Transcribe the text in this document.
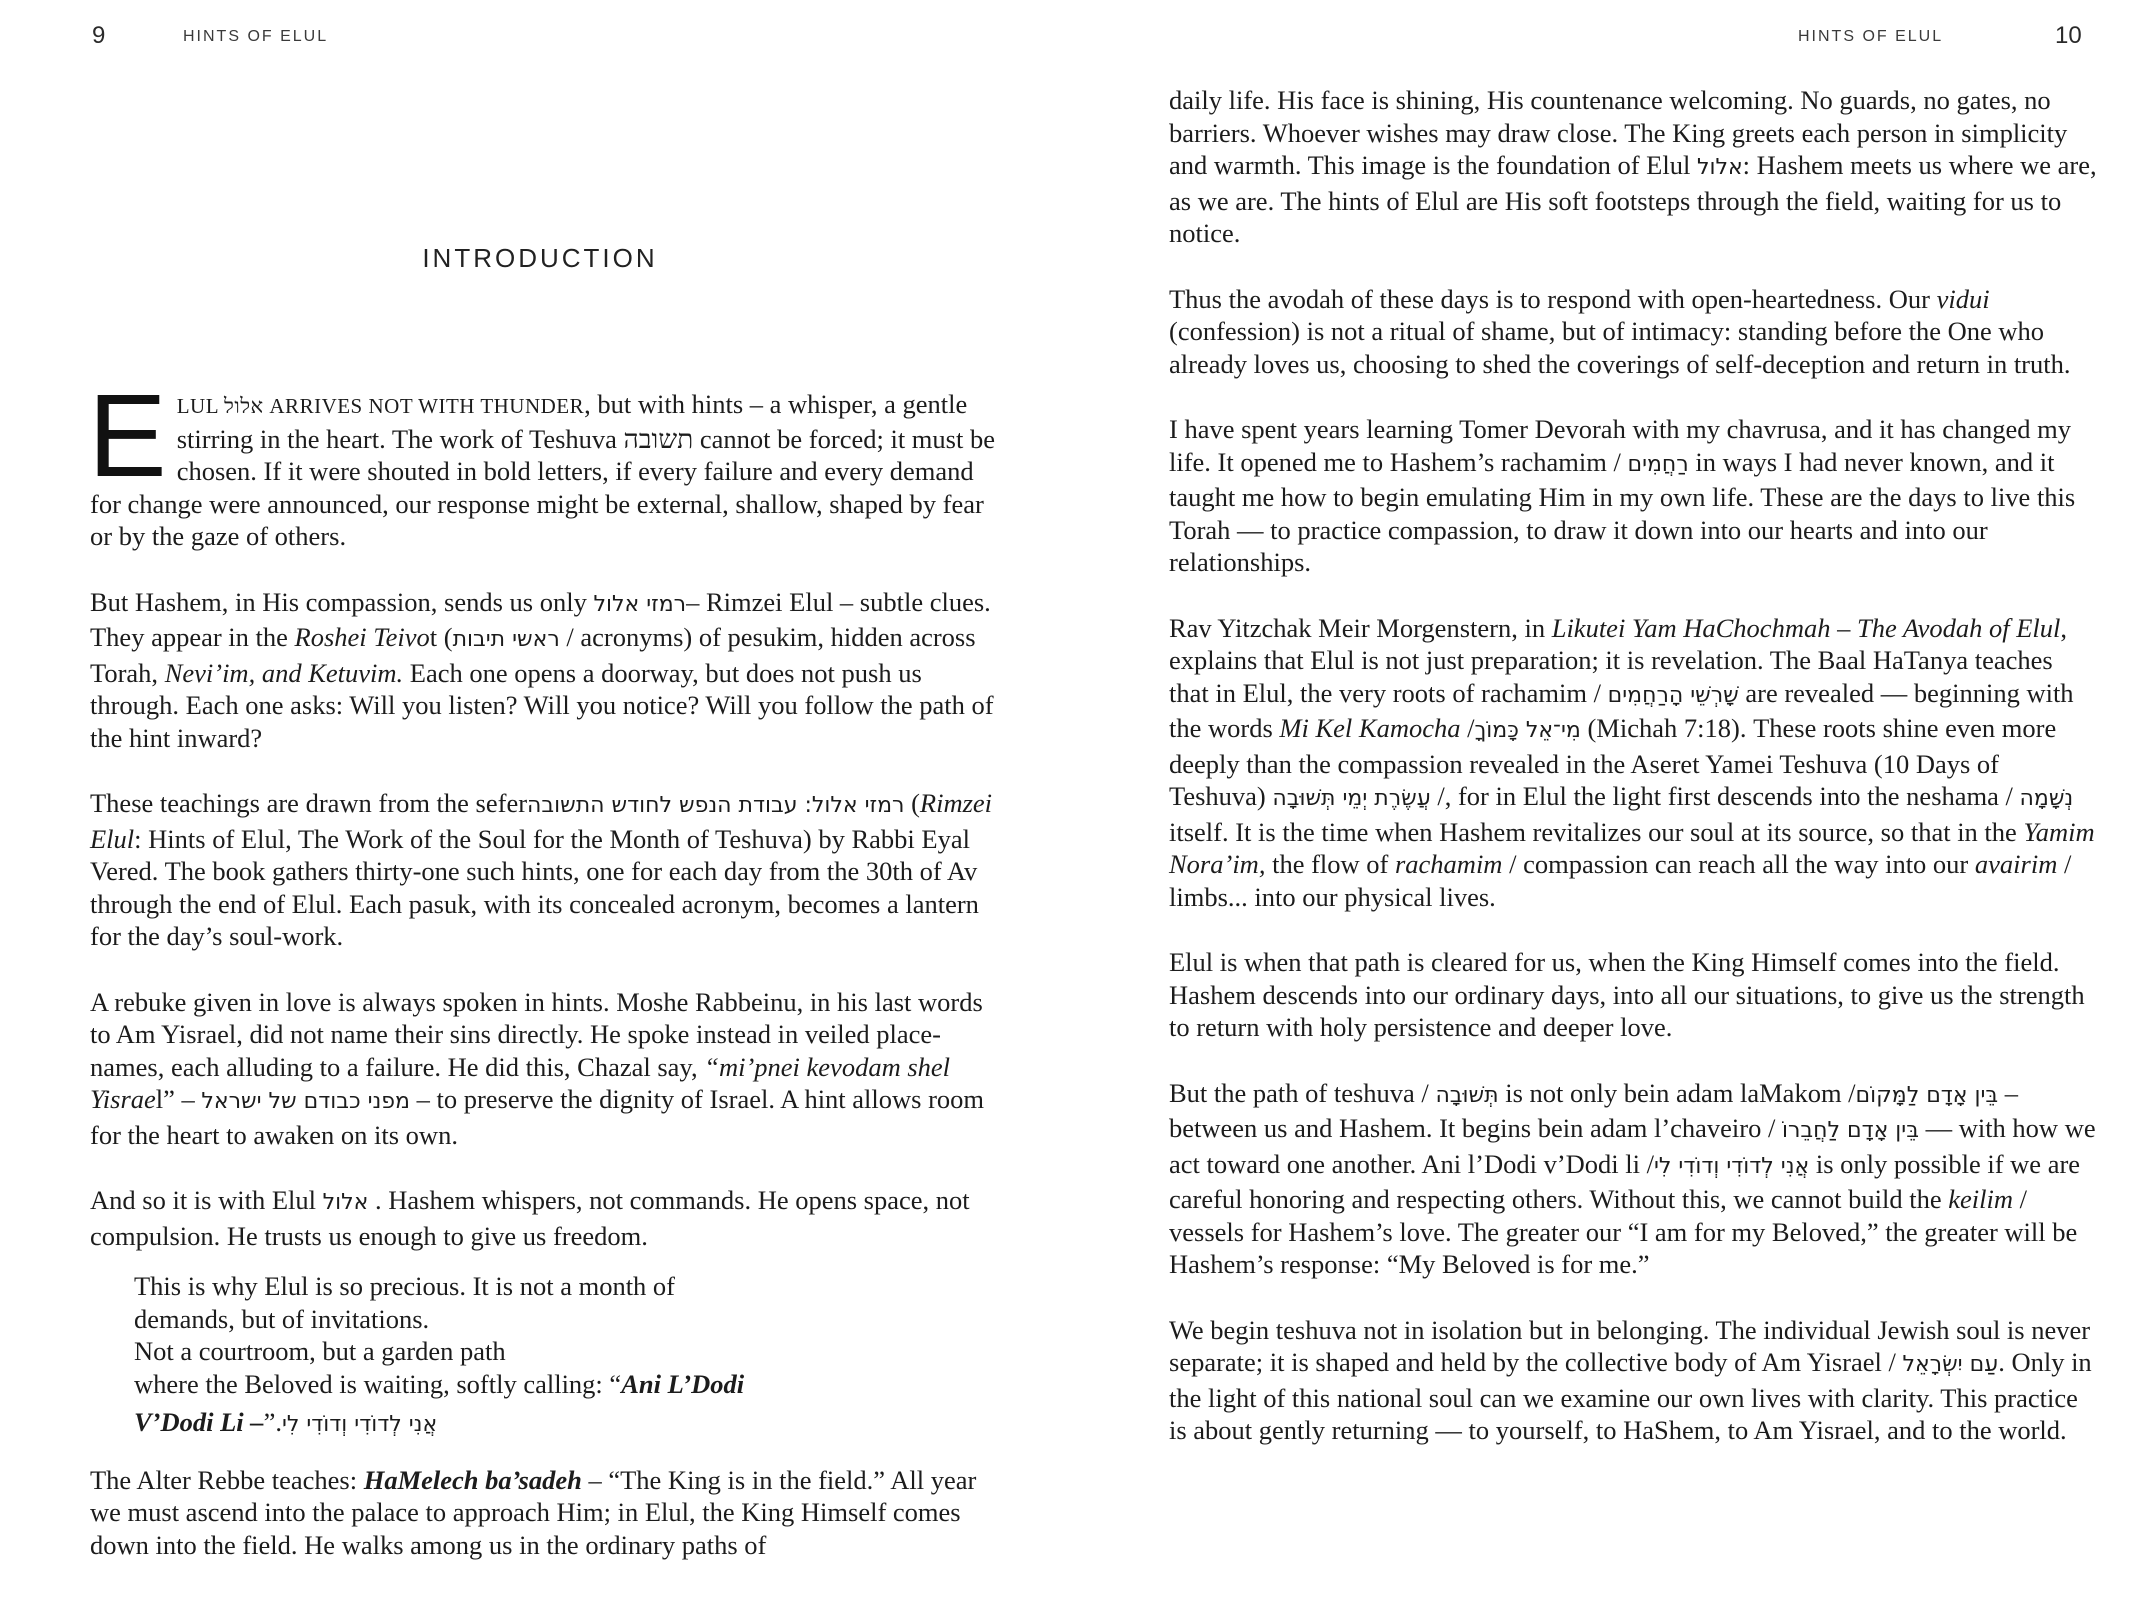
9	HINTS OF ELUL
INTRODUCTION

ELUL אלול ARRIVES NOT WITH THUNDER, but with hints – a whisper, a gentle stirring in the heart. The work of Teshuva תשובה cannot be forced; it must be chosen. If it were shouted in bold letters, if every failure and every demand for change were announced, our response might be external, shallow, shaped by fear or by the gaze of others.

But Hashem, in His compassion, sends us only רמזי אלול– Rimzei Elul – subtle clues. They appear in the Roshei Teivot (ראשי תיבות / acronyms) of pesukim, hidden across Torah, Nevi’im, and Ketuvim. Each one opens a doorway, but does not push us through. Each one asks: Will you listen? Will you notice? Will you follow the path of the hint inward?

These teachings are drawn from the seferרמזי אלול: עבודת הנפש לחודש התשובה (Rimzei Elul: Hints of Elul, The Work of the Soul for the Month of Teshuva) by Rabbi Eyal Vered. The book gathers thirty-one such hints, one for each day from the 30th of Av through the end of Elul. Each pasuk, with its concealed acronym, becomes a lantern for the day’s soul-work.

A rebuke given in love is always spoken in hints. Moshe Rabbeinu, in his last words to Am Yisrael, did not name their sins directly. He spoke instead in veiled place-names, each alluding to a failure. He did this, Chazal say, “mi’pnei kevodam shel Yisrael” – מפני כבודם של ישראל – to preserve the dignity of Israel. A hint allows room for the heart to awaken on its own.

And so it is with Elul אלול . Hashem whispers, not commands. He opens space, not compulsion. He trusts us enough to give us freedom.

This is why Elul is so precious. It is not a month of
demands, but of invitations.
Not a courtroom, but a garden path
where the Beloved is waiting, softly calling: “Ani L’Dodi
V’Dodi Li –”.אֲנִי לְדוֹדִי וְדוֹדִי לִי

The Alter Rebbe teaches: HaMelech ba’sadeh – “The King is in the field.” All year we must ascend into the palace to approach Him; in Elul, the King Himself comes down into the field. He walks among us in the ordinary paths of

HINTS OF ELUL	10

daily life. His face is shining, His countenance welcoming. No guards, no gates, no barriers. Whoever wishes may draw close. The King greets each person in simplicity and warmth. This image is the foundation of Elul אלול: Hashem meets us where we are, as we are. The hints of Elul are His soft footsteps through the field, waiting for us to notice.

Thus the avodah of these days is to respond with open-heartedness. Our vidui (confession) is not a ritual of shame, but of intimacy: standing before the One who already loves us, choosing to shed the coverings of self-deception and return in truth.

I have spent years learning Tomer Devorah with my chavrusa, and it has changed my life. It opened me to Hashem’s rachamim / רַחֲמִים in ways I had never known, and it taught me how to begin emulating Him in my own life. These are the days to live this Torah — to practice compassion, to draw it down into our hearts and into our relationships.

Rav Yitzchak Meir Morgenstern, in Likutei Yam HaChochmah – The Avodah of Elul, explains that Elul is not just preparation; it is revelation. The Baal HaTanya teaches that in Elul, the very roots of rachamim / שָׁרְשֵׁי הָרַחֲמִים are revealed — beginning with the words Mi Kel Kamocha /מִי־אֵל כָּמוֹךָ (Michah 7:18). These roots shine even more deeply than the compassion revealed in the Aseret Yamei Teshuva (10 Days of Teshuva) עֲשֶׂרֶת יְמֵי תְּשׁוּבָה /, for in Elul the light first descends into the neshama / נְשָׁמָה itself. It is the time when Hashem revitalizes our soul at its source, so that in the Yamim Nora’im, the flow of rachamim / compassion can reach all the way into our avairim / limbs... into our physical lives.

Elul is when that path is cleared for us, when the King Himself comes into the field. Hashem descends into our ordinary days, into all our situations, to give us the strength to return with holy persistence and deeper love.

But the path of teshuva / תְּשׁוּבָה is not only bein adam laMakom /בֵּין אָדָם לַמָּקוֹם – between us and Hashem. It begins bein adam l’chaveiro / בֵּין אָדָם לַחֲבֵרוֹ — with how we act toward one another. Ani l’Dodi v’Dodi li /אֲנִי לְדוֹדִי וְדוֹדִי לִי is only possible if we are careful honoring and respecting others. Without this, we cannot build the keilim / vessels for Hashem’s love. The greater our “I am for my Beloved,” the greater will be Hashem’s response: “My Beloved is for me.”

We begin teshuva not in isolation but in belonging. The individual Jewish soul is never separate; it is shaped and held by the collective body of Am Yisrael / עַם יִשְׂרָאֵל. Only in the light of this national soul can we examine our own lives with clarity. This practice is about gently returning — to yourself, to HaShem, to Am Yisrael, and to the world.
